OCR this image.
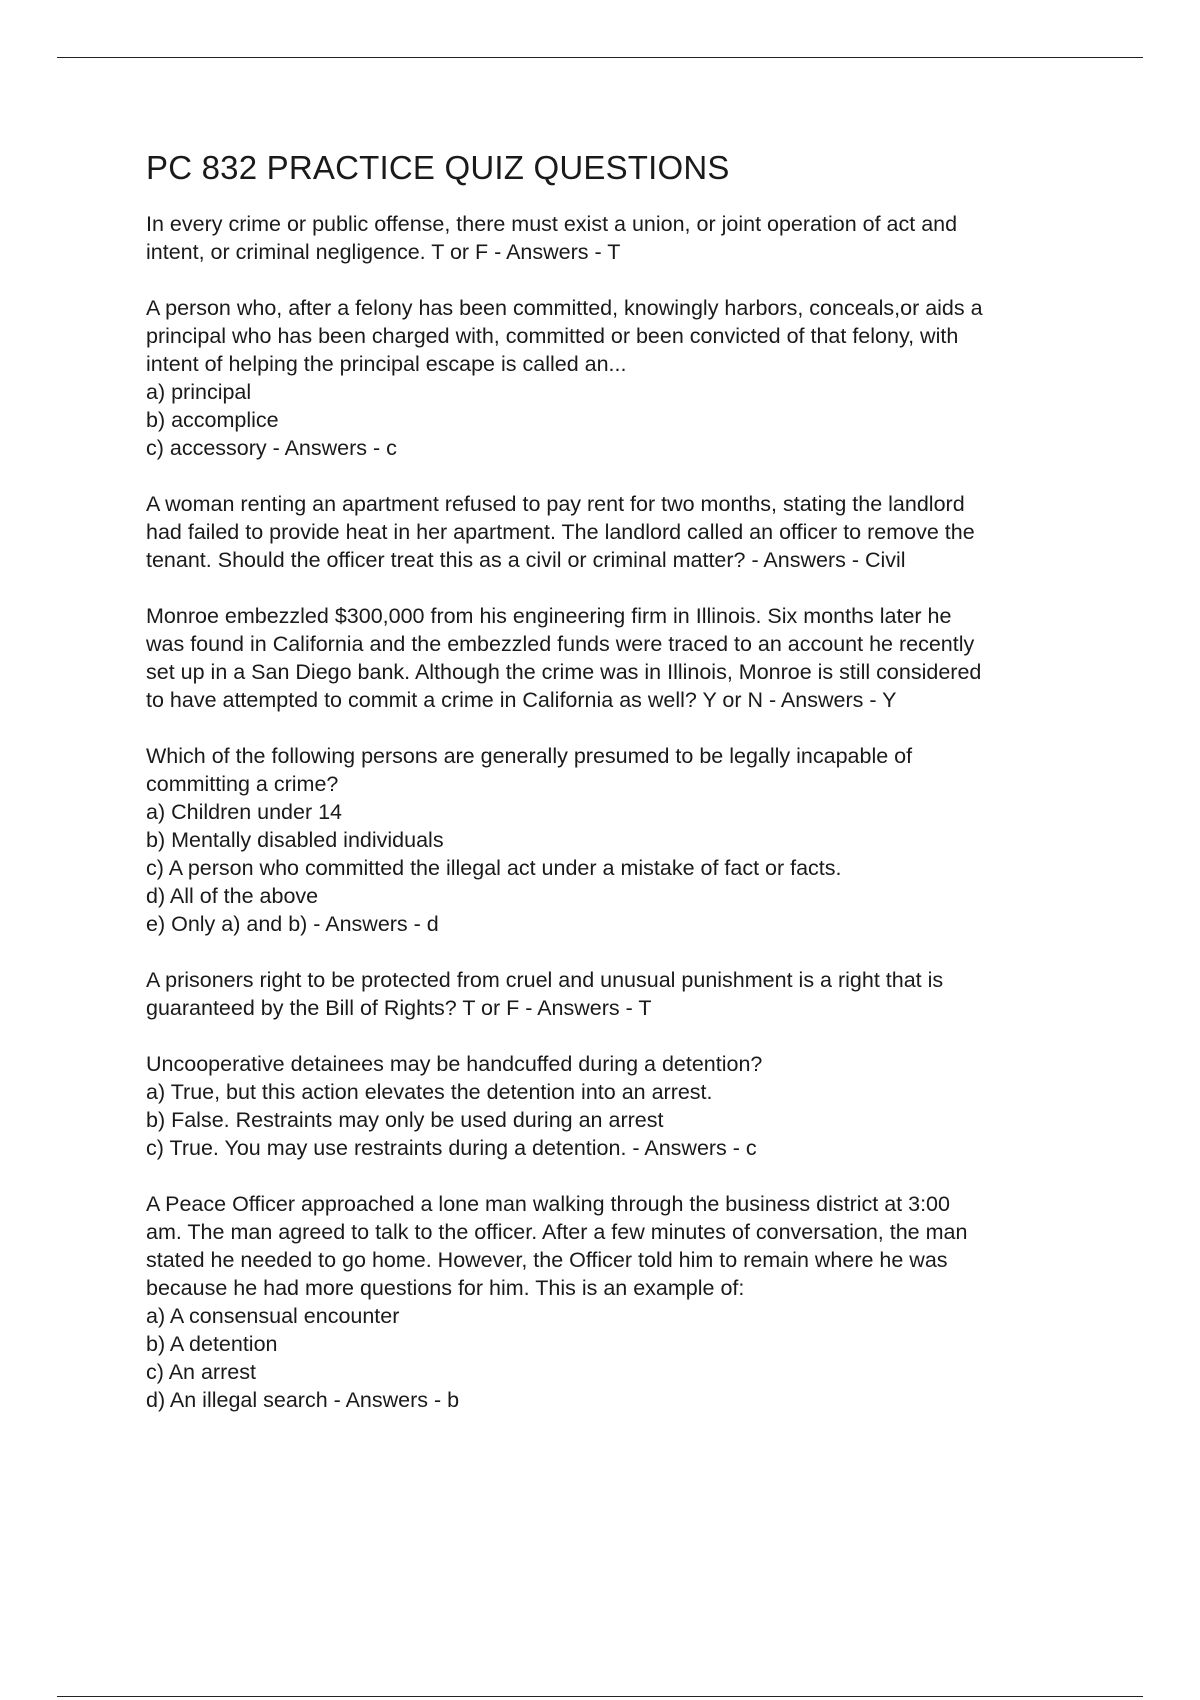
PC 832 PRACTICE QUIZ QUESTIONS
In every crime or public offense, there must exist a union, or joint operation of act and
intent, or criminal negligence. T or F - Answers - T
A person who, after a felony has been committed, knowingly harbors, conceals,or aids a
principal who has been charged with, committed or been convicted of that felony, with
intent of helping the principal escape is called an...
a) principal
b) accomplice
c) accessory - Answers - c
A woman renting an apartment refused to pay rent for two months, stating the landlord
had failed to provide heat in her apartment. The landlord called an officer to remove the
tenant. Should the officer treat this as a civil or criminal matter? - Answers - Civil
Monroe embezzled $300,000 from his engineering firm in Illinois. Six months later he
was found in California and the embezzled funds were traced to an account he recently
set up in a San Diego bank. Although the crime was in Illinois, Monroe is still considered
to have attempted to commit a crime in California as well? Y or N - Answers - Y
Which of the following persons are generally presumed to be legally incapable of
committing a crime?
a) Children under 14
b) Mentally disabled individuals
c) A person who committed the illegal act under a mistake of fact or facts.
d) All of the above
e) Only a) and b) - Answers - d
A prisoners right to be protected from cruel and unusual punishment is a right that is
guaranteed by the Bill of Rights? T or F - Answers - T
Uncooperative detainees may be handcuffed during a detention?
a) True, but this action elevates the detention into an arrest.
b) False. Restraints may only be used during an arrest
c) True. You may use restraints during a detention. - Answers - c
A Peace Officer approached a lone man walking through the business district at 3:00
am. The man agreed to talk to the officer. After a few minutes of conversation, the man
stated he needed to go home. However, the Officer told him to remain where he was
because he had more questions for him. This is an example of:
a) A consensual encounter
b) A detention
c) An arrest
d) An illegal search - Answers - b
